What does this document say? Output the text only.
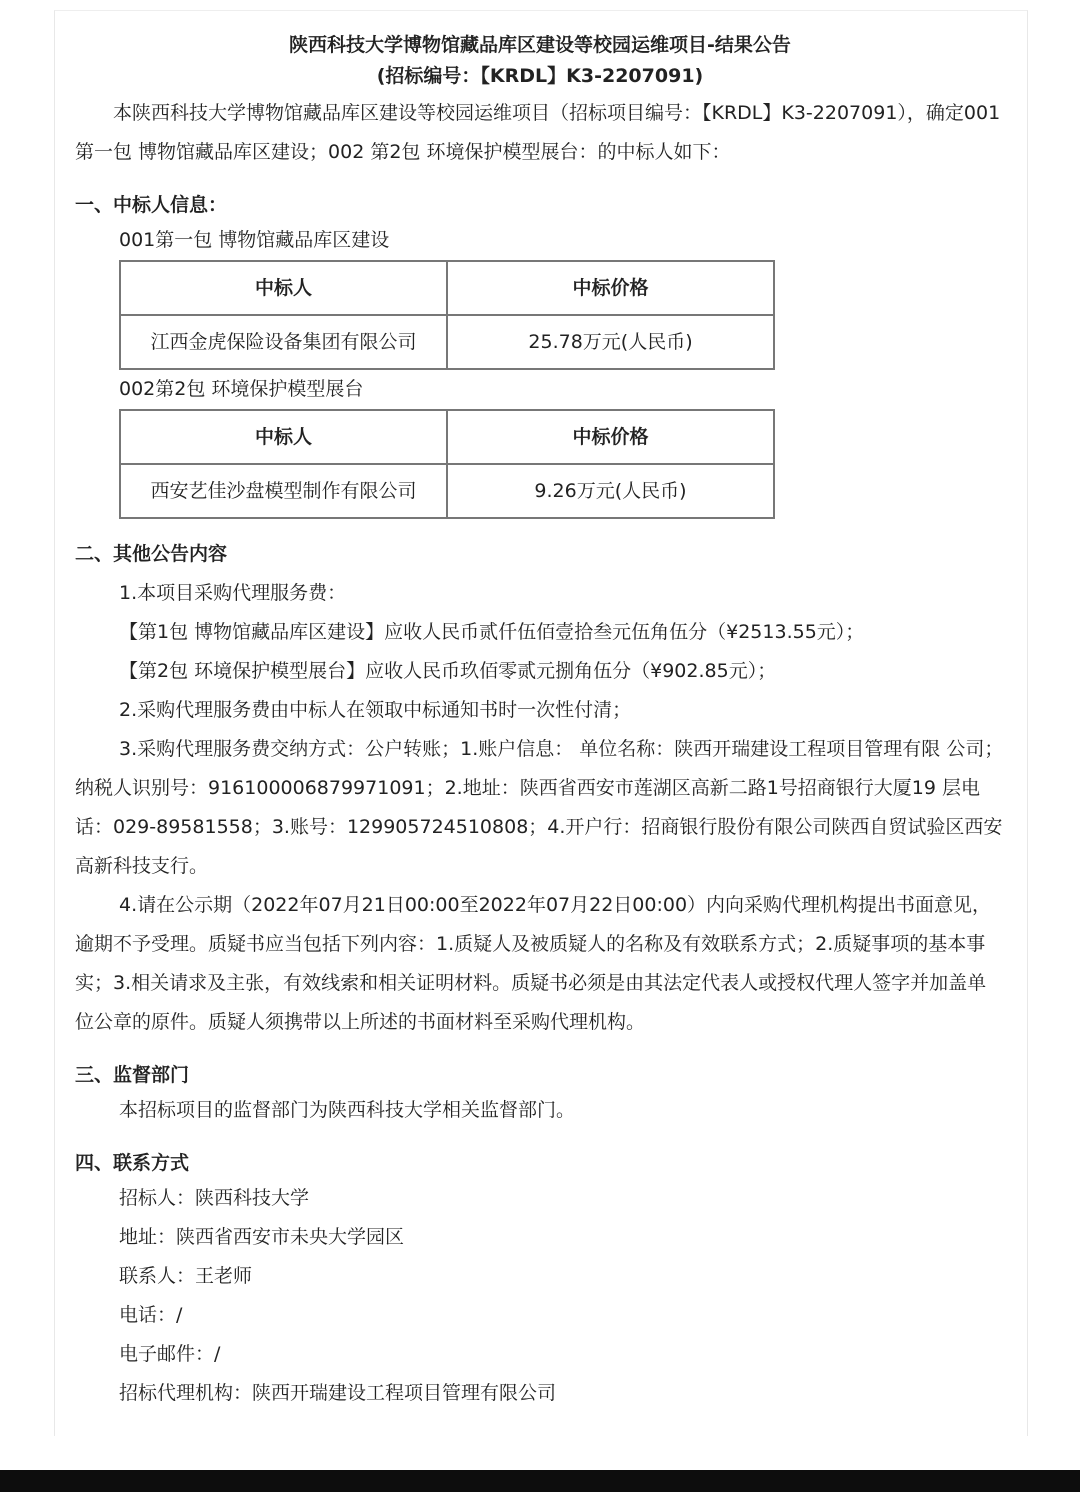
陕西科技大学博物馆藏品库区建设等校园运维项目-结果公告
(招标编号：【KRDL】K3-2207091)

本陕西科技大学博物馆藏品库区建设等校园运维项目（招标项目编号：【KRDL】K3-2207091），确定001 第一包 博物馆藏品库区建设；002 第2包 环境保护模型展台：的中标人如下：

一、中标人信息：
001第一包 博物馆藏品库区建设
中标人	中标价格
江西金虎保险设备集团有限公司	25.78万元(人民币)
002第2包 环境保护模型展台
中标人	中标价格
西安艺佳沙盘模型制作有限公司	9.26万元(人民币)
二、其他公告内容
1.本项目采购代理服务费：
【第1包 博物馆藏品库区建设】应收人民币贰仟伍佰壹拾叁元伍角伍分（¥2513.55元）；
【第2包 环境保护模型展台】应收人民币玖佰零贰元捌角伍分（¥902.85元）；
2.采购代理服务费由中标人在领取中标通知书时一次性付清；

3.采购代理服务费交纳方式：公户转账；1.账户信息： 单位名称：陕西开瑞建设工程项目管理有限 公司；纳税人识别号：916100006879971091；2.地址：陕西省西安市莲湖区高新二路1号招商银行大厦19 层电话：029-89581558；3.账号：129905724510808；4.开户行：招商银行股份有限公司陕西自贸试验区西安高新科技支行。

4.请在公示期（2022年07月21日00:00至2022年07月22日00:00）内向采购代理机构提出书面意见，逾期不予受理。质疑书应当包括下列内容：1.质疑人及被质疑人的名称及有效联系方式；2.质疑事项的基本事实；3.相关请求及主张，有效线索和相关证明材料。质疑书必须是由其法定代表人或授权代理人签字并加盖单位公章的原件。质疑人须携带以上所述的书面材料至采购代理机构。

三、监督部门
本招标项目的监督部门为陕西科技大学相关监督部门。
四、联系方式
招标人：陕西科技大学
地址：陕西省西安市未央大学园区
联系人：王老师
电话：/
电子邮件：/
招标代理机构：陕西开瑞建设工程项目管理有限公司
